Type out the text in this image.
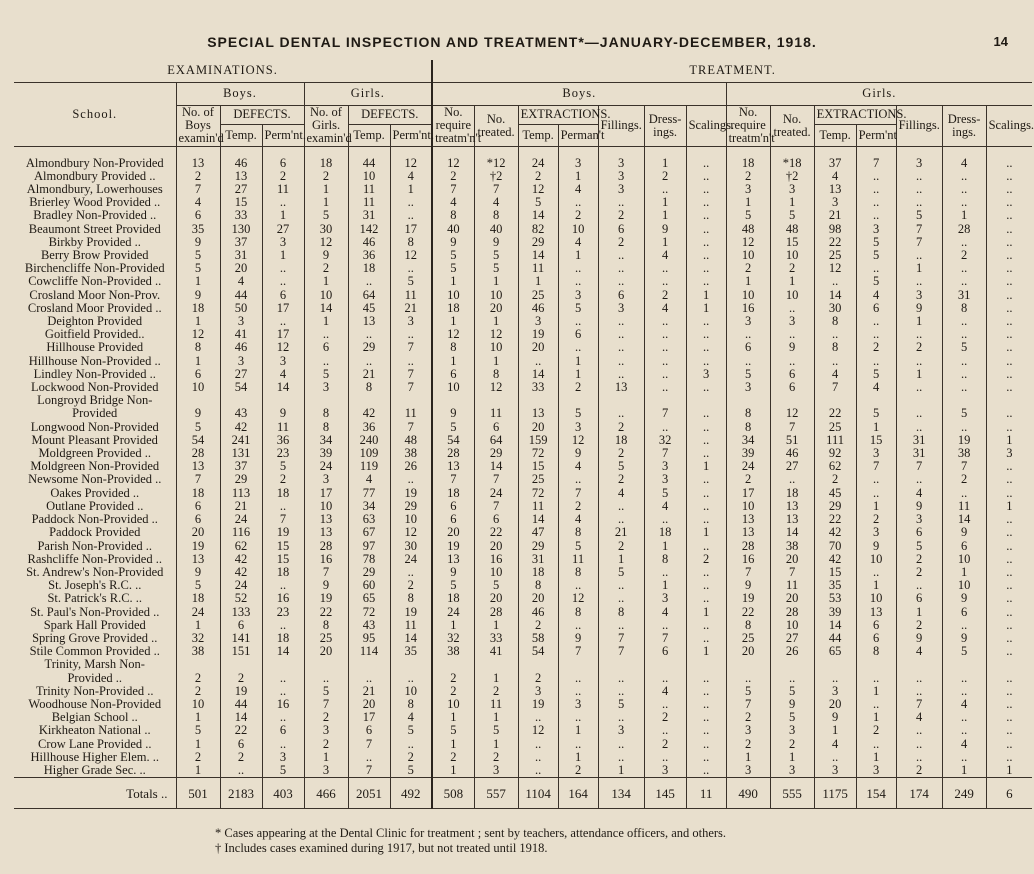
SPECIAL DENTAL INSPECTION AND TREATMENT*—JANUARY-DECEMBER, 1918.	14
EXAMINATIONS.							TREATMENT.													
School.	Boys.			Girls.			Boys.							Girls.						
	No. of Boys examin'd	DEFECTS.		No. of Girls. examin'd	DEFECTS.		No. require treatm'n't	No. treated.	EXTRACTIONS.		Fillings.	Dress-ings.	Scalings.	No. require treatm'n't	No. treated.	EXTRACTIONS.		Fillings.	Dress-ings.	Scalings.
		Temp.	Perm'nt.		Temp.	Perm'nt.			Temp.	Perman't						Temp.	Perm'nt			

Almondbury Non-Provided	13	46	6	18	44	12	12	*12	24	3	3	1	..	18	*18	37	7	3	4	..
Almondbury Provided ..	2	13	2	2	10	4	2	†2	2	1	3	2	..	2	†2	4	..	..	..	..
Almondbury, Lowerhouses	7	27	11	1	11	1	7	7	12	4	3	..	..	3	3	13	..	..	..	..
Brierley Wood Provided ..	4	15	..	1	11	..	4	4	5	..	..	1	..	1	1	3	..	..	..	..
Bradley Non-Provided ..	6	33	1	5	31	..	8	8	14	2	2	1	..	5	5	21	..	5	1	..
Beaumont Street Provided	35	130	27	30	142	17	40	40	82	10	6	9	..	48	48	98	3	7	28	..
Birkby Provided ..	9	37	3	12	46	8	9	9	29	4	2	1	..	12	15	22	5	7	..	..
Berry Brow Provided	5	31	1	9	36	12	5	5	14	1	..	4	..	10	10	25	5	..	2	..
Birchencliffe Non-Provided	5	20	..	2	18	..	5	5	11	..	..	..	..	2	2	12	..	1	..	..
Cowcliffe Non-Provided ..	1	4	..	1	..	5	1	1	1	..	..	..	..	1	1	..	5	..	..	..
Crosland Moor Non-Prov.	9	44	6	10	64	11	10	10	25	3	6	2	1	10	10	14	4	3	31	..
Crosland Moor Provided ..	18	50	17	14	45	21	18	20	46	5	3	4	1	16	..	30	6	9	8	..
Deighton Provided	1	3	..	1	13	3	1	1	3	..	..	..	..	3	3	8	..	1	..	..
Goitfield Provided..	12	41	17	..	..	..	12	12	19	6	..	..	..	..	..	..	..	..	..	..
Hillhouse Provided	8	46	12	6	29	7	8	10	20	..	..	..	..	6	9	8	2	2	5	..
Hillhouse Non-Provided ..	1	3	3	..	..	..	1	1	..	1	..	..	..	..	..	..	..	..	..	..
Lindley Non-Provided ..	6	27	4	5	21	7	6	8	14	1	..	..	3	5	6	4	5	1	..	..
Lockwood Non-Provided	10	54	14	3	8	7	10	12	33	2	13	..	..	3	6	7	4	..	..	..
Longroyd Bridge Non-																				
Provided	9	43	9	8	42	11	9	11	13	5	..	7	..	8	12	22	5	..	5	..
Longwood Non-Provided	5	42	11	8	36	7	5	6	20	3	2	..	..	8	7	25	1	..	..	..
Mount Pleasant Provided	54	241	36	34	240	48	54	64	159	12	18	32	..	34	51	111	15	31	19	1
Moldgreen Provided ..	28	131	23	39	109	38	28	29	72	9	2	7	..	39	46	92	3	31	38	3
Moldgreen Non-Provided	13	37	5	24	119	26	13	14	15	4	5	3	1	24	27	62	7	7	7	..
Newsome Non-Provided ..	7	29	2	3	4	..	7	7	25	..	2	3	..	2	..	2	..	..	2	..
Oakes Provided ..	18	113	18	17	77	19	18	24	72	7	4	5	..	17	18	45	..	4	..	..
Outlane Provided ..	6	21	..	10	34	29	6	7	11	2	..	4	..	10	13	29	1	9	11	1
Paddock Non-Provided ..	6	24	7	13	63	10	6	6	14	4	..	..	..	13	13	22	2	3	14	..
Paddock Provided	20	116	19	13	67	12	20	22	47	8	21	18	1	13	14	42	3	6	9	..
Parish Non-Provided ..	19	62	15	28	97	30	19	20	29	5	2	1	..	28	38	70	9	5	6	..
Rashcliffe Non-Provided ..	13	42	15	16	78	24	13	16	31	11	1	8	2	16	20	42	10	2	10	..
St. Andrew's Non-Provided	9	42	18	7	29	..	9	10	18	8	5	..	..	7	7	15	..	2	1	..
St. Joseph's R.C. ..	5	24	..	9	60	2	5	5	8	..	..	1	..	9	11	35	1	..	10	..
St. Patrick's R.C. ..	18	52	16	19	65	8	18	20	20	12	..	3	..	19	20	53	10	6	9	..
St. Paul's Non-Provided ..	24	133	23	22	72	19	24	28	46	8	8	4	1	22	28	39	13	1	6	..
Spark Hall Provided	1	6	..	8	43	11	1	1	2	..	..	..	..	8	10	14	6	2	..	..
Spring Grove Provided ..	32	141	18	25	95	14	32	33	58	9	7	7	..	25	27	44	6	9	9	..
Stile Common Provided ..	38	151	14	20	114	35	38	41	54	7	7	6	1	20	26	65	8	4	5	..
Trinity, Marsh Non-																				
Provided ..	2	2	..	..	..	..	2	1	2	..	..	..	..	..	..	..	..	..	..	..
Trinity Non-Provided ..	2	19	..	5	21	10	2	2	3	..	..	4	..	5	5	3	1	..	..	..
Woodhouse Non-Provided	10	44	16	7	20	8	10	11	19	3	5	..	..	7	9	20	..	7	4	..
Belgian School ..	1	14	..	2	17	4	1	1	..	..	..	2	..	2	5	9	1	4	..	..
Kirkheaton National ..	5	22	6	3	6	5	5	5	12	1	3	..	..	3	3	1	2	..	..	..
Crow Lane Provided ..	1	6	..	2	7	..	1	1	..	..	..	2	..	2	2	4	..	..	4	..
Hillhouse Higher Elem. ..	2	2	3	1	..	2	2	2	..	1	..	..	..	1	1	..	1	..	..	..
Higher Grade Sec. ..	1	..	5	3	7	5	1	3	..	2	1	3	..	3	3	3	3	2	1	1
Totals ..	501	2183	403	466	2051	492	508	557	1104	164	134	145	11	490	555	1175	154	174	249	6
* Cases appearing at the Dental Clinic for treatment ; sent by teachers, attendance officers, and others.
† Includes cases examined during 1917, but not treated until 1918.
